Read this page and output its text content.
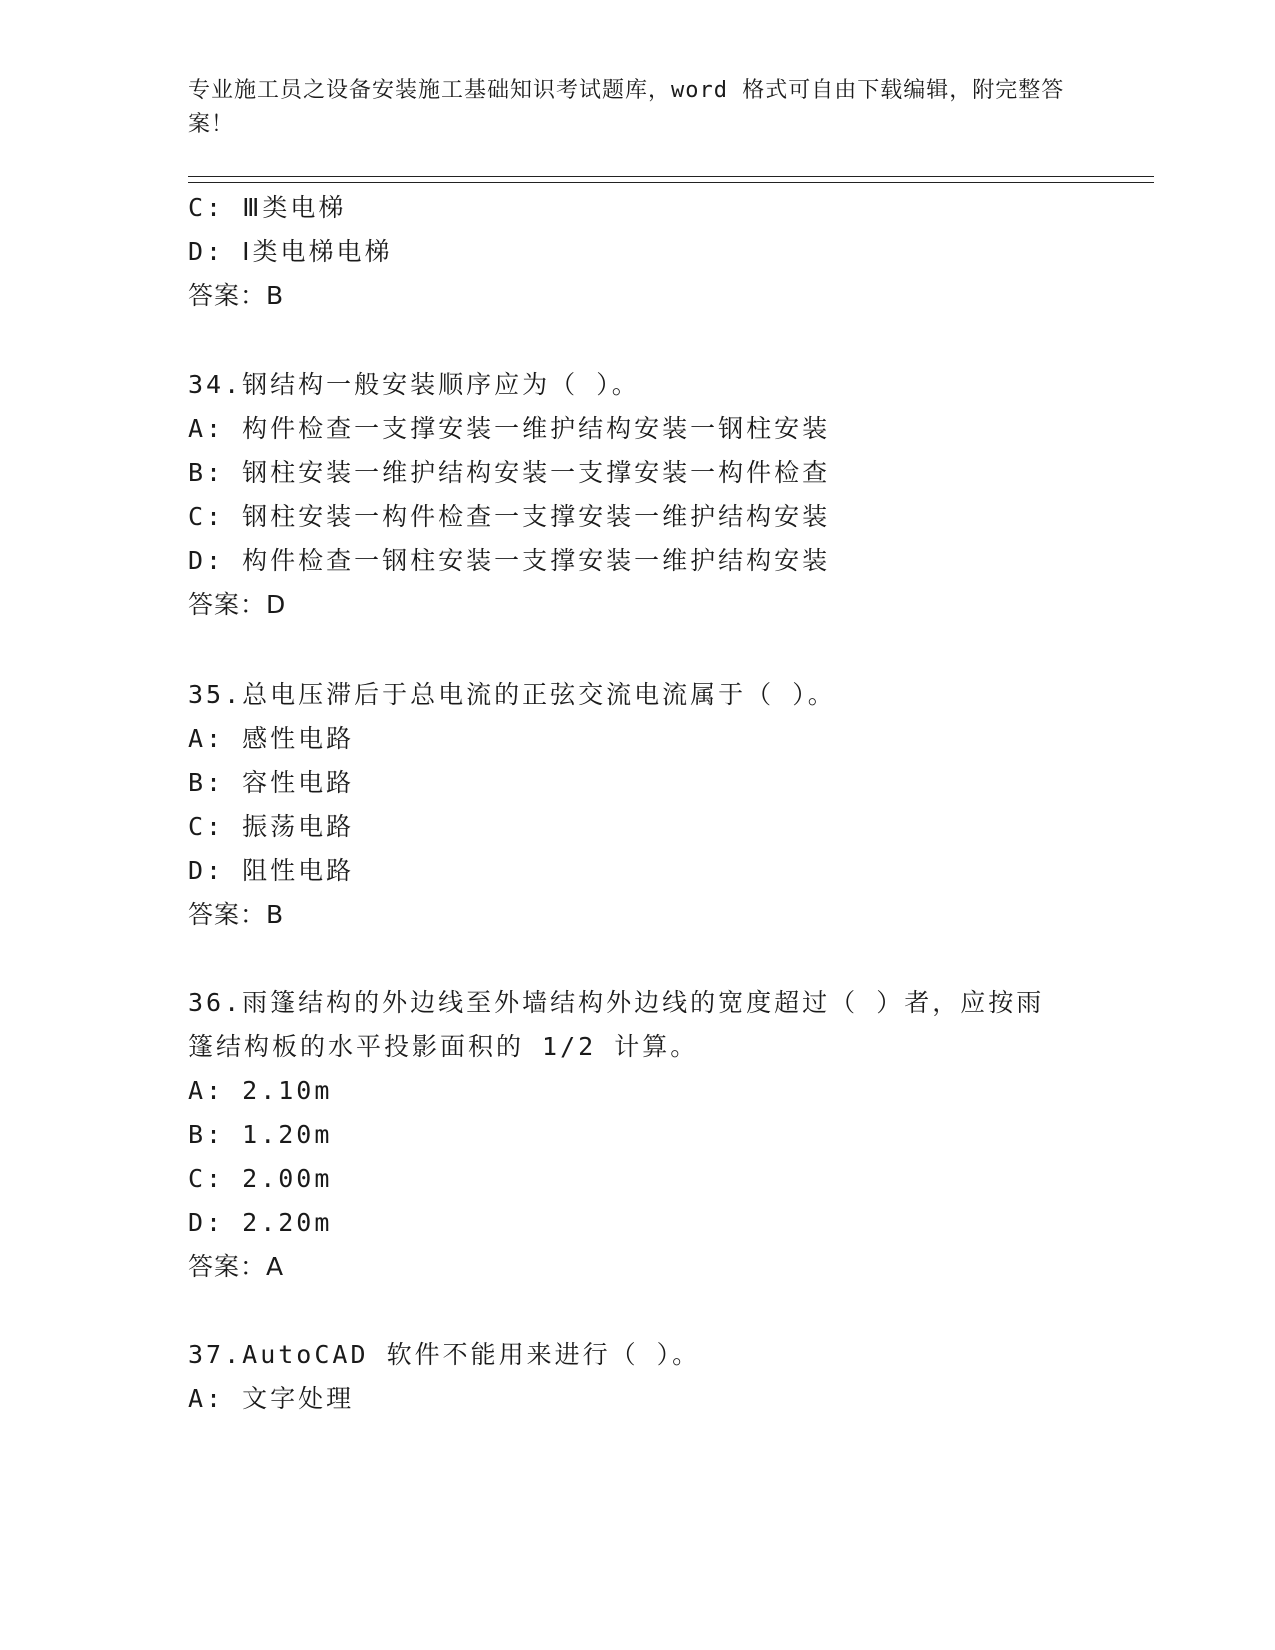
专业施工员之设备安装施工基础知识考试题库，word 格式可自由下载编辑，附完整答案！
C: Ⅲ类电梯
D: Ⅰ类电梯电梯
答案：B
34.钢结构一般安装顺序应为（ ）。
A: 构件检查一支撑安装一维护结构安装一钢柱安装
B: 钢柱安装一维护结构安装一支撑安装一构件检查
C: 钢柱安装一构件检查一支撑安装一维护结构安装
D: 构件检查一钢柱安装一支撑安装一维护结构安装
答案：D
35.总电压滞后于总电流的正弦交流电流属于（ ）。
A: 感性电路
B: 容性电路
C: 振荡电路
D: 阻性电路
答案：B
36.雨篷结构的外边线至外墙结构外边线的宽度超过（ ）者，应按雨
篷结构板的水平投影面积的 1/2 计算。
A: 2.10m
B: 1.20m
C: 2.00m
D: 2.20m
答案：A
37.AutoCAD 软件不能用来进行（ ）。
A: 文字处理
